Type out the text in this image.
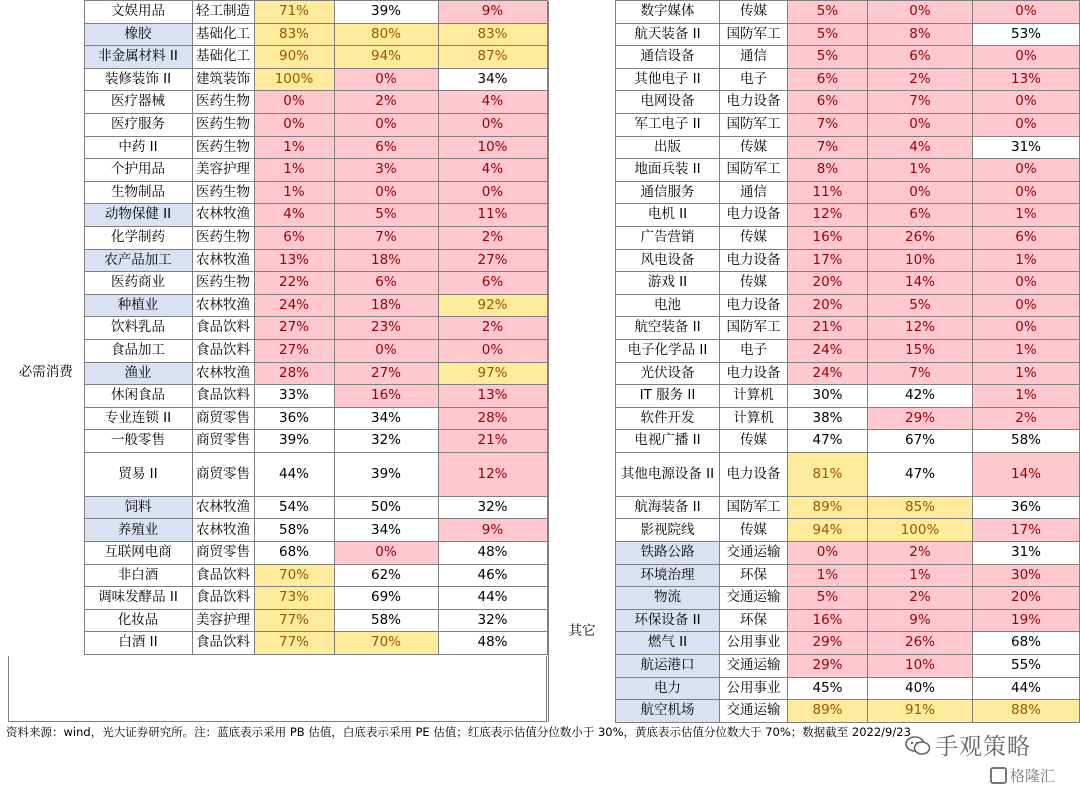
	文娱用品	轻工制造	71%	39%	9%
	橡胶	基础化工	83%	80%	83%
	非金属材料 II	基础化工	90%	94%	87%
	装修装饰 II	建筑装饰	100%	0%	34%
必需消费	医疗器械	医药生物	0%	2%	4%
	医疗服务	医药生物	0%	0%	0%
	中药 II	医药生物	1%	6%	10%
	个护用品	美容护理	1%	3%	4%
	生物制品	医药生物	1%	0%	0%
	动物保健 II	农林牧渔	4%	5%	11%
	化学制药	医药生物	6%	7%	2%
	农产品加工	农林牧渔	13%	18%	27%
	医药商业	医药生物	22%	6%	6%
	种植业	农林牧渔	24%	18%	92%
	饮料乳品	食品饮料	27%	23%	2%
	食品加工	食品饮料	27%	0%	0%
	渔业	农林牧渔	28%	27%	97%
	休闲食品	食品饮料	33%	16%	13%
	专业连锁 II	商贸零售	36%	34%	28%
	一般零售	商贸零售	39%	32%	21%
	贸易 II	商贸零售	44%	39%	12%
	饲料	农林牧渔	54%	50%	32%
	养殖业	农林牧渔	58%	34%	9%
	互联网电商	商贸零售	68%	0%	48%
	非白酒	食品饮料	70%	62%	46%
	调味发酵品 II	食品饮料	73%	69%	44%
	化妆品	美容护理	77%	58%	32%
	白酒 II	食品饮料	77%	70%	48%
	数字媒体	传媒	5%	0%	0%
	航天装备 II	国防军工	5%	8%	53%
	通信设备	通信	5%	6%	0%
	其他电子 II	电子	6%	2%	13%
	电网设备	电力设备	6%	7%	0%
	军工电子 II	国防军工	7%	0%	0%
	出版	传媒	7%	4%	31%
	地面兵装 II	国防军工	8%	1%	0%
	通信服务	通信	11%	0%	0%
	电机 II	电力设备	12%	6%	1%
	广告营销	传媒	16%	26%	6%
	风电设备	电力设备	17%	10%	1%
	游戏 II	传媒	20%	14%	0%
	电池	电力设备	20%	5%	0%
	航空装备 II	国防军工	21%	12%	0%
	电子化学品 II	电子	24%	15%	1%
	光伏设备	电力设备	24%	7%	1%
	IT 服务 II	计算机	30%	42%	1%
	软件开发	计算机	38%	29%	2%
	电视广播 II	传媒	47%	67%	58%
	其他电源设备 II	电力设备	81%	47%	14%
	航海装备 II	国防军工	89%	85%	36%
	影视院线	传媒	94%	100%	17%
其它	铁路公路	交通运输	0%	2%	31%
	环境治理	环保	1%	1%	30%
	物流	交通运输	5%	2%	20%
	环保设备 II	环保	16%	9%	19%
	燃气 II	公用事业	29%	26%	68%
	航运港口	交通运输	29%	10%	55%
	电力	公用事业	45%	40%	44%
	航空机场	交通运输	89%	91%	88%
资料来源：wind，光大证券研究所。注：蓝底表示采用 PB 估值，白底表示采用 PE 估值；红底表示估值分位数小于 30%，黄底表示估值分位数大于 70%；数据截至 2022/9/23
手观策略
格隆汇
